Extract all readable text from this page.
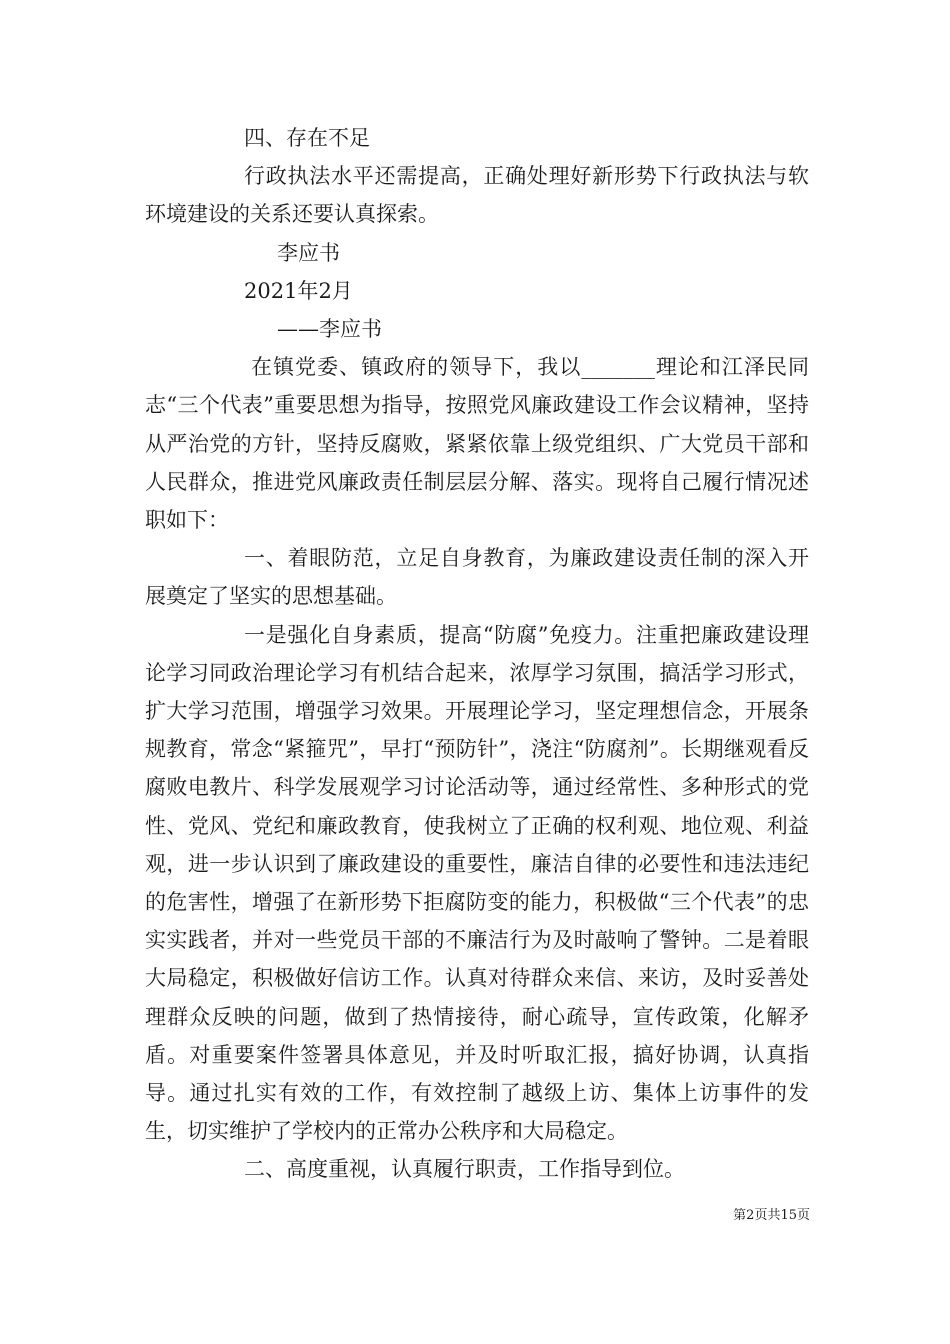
四、存在不足

行政执法水平还需提高，正确处理好新形势下行政执法与软环境建设的关系还要认真探索。

李应书

2021年2月

——李应书

在镇党委、镇政府的领导下，我以_______理论和江泽民同志“三个代表”重要思想为指导，按照党风廉政建设工作会议精神，坚持从严治党的方针，坚持反腐败，紧紧依靠上级党组织、广大党员干部和人民群众，推进党风廉政责任制层层分解、落实。现将自己履行情况述职如下：

一、着眼防范，立足自身教育，为廉政建设责任制的深入开展奠定了坚实的思想基础。

一是强化自身素质，提高“防腐”免疫力。注重把廉政建设理论学习同政治理论学习有机结合起来，浓厚学习氛围，搞活学习形式，扩大学习范围，增强学习效果。开展理论学习，坚定理想信念，开展条规教育，常念“紧箍咒”，早打“预防针”，浇注“防腐剂”。长期继观看反腐败电教片、科学发展观学习讨论活动等，通过经常性、多种形式的党性、党风、党纪和廉政教育，使我树立了正确的权利观、地位观、利益观，进一步认识到了廉政建设的重要性，廉洁自律的必要性和违法违纪的危害性，增强了在新形势下拒腐防变的能力，积极做“三个代表”的忠实实践者，并对一些党员干部的不廉洁行为及时敲响了警钟。二是着眼大局稳定，积极做好信访工作。认真对待群众来信、来访，及时妥善处理群众反映的问题，做到了热情接待，耐心疏导，宣传政策，化解矛盾。对重要案件签署具体意见，并及时听取汇报，搞好协调，认真指导。通过扎实有效的工作，有效控制了越级上访、集体上访事件的发生，切实维护了学校内的正常办公秩序和大局稳定。

二、高度重视，认真履行职责，工作指导到位。

第2页共15页
